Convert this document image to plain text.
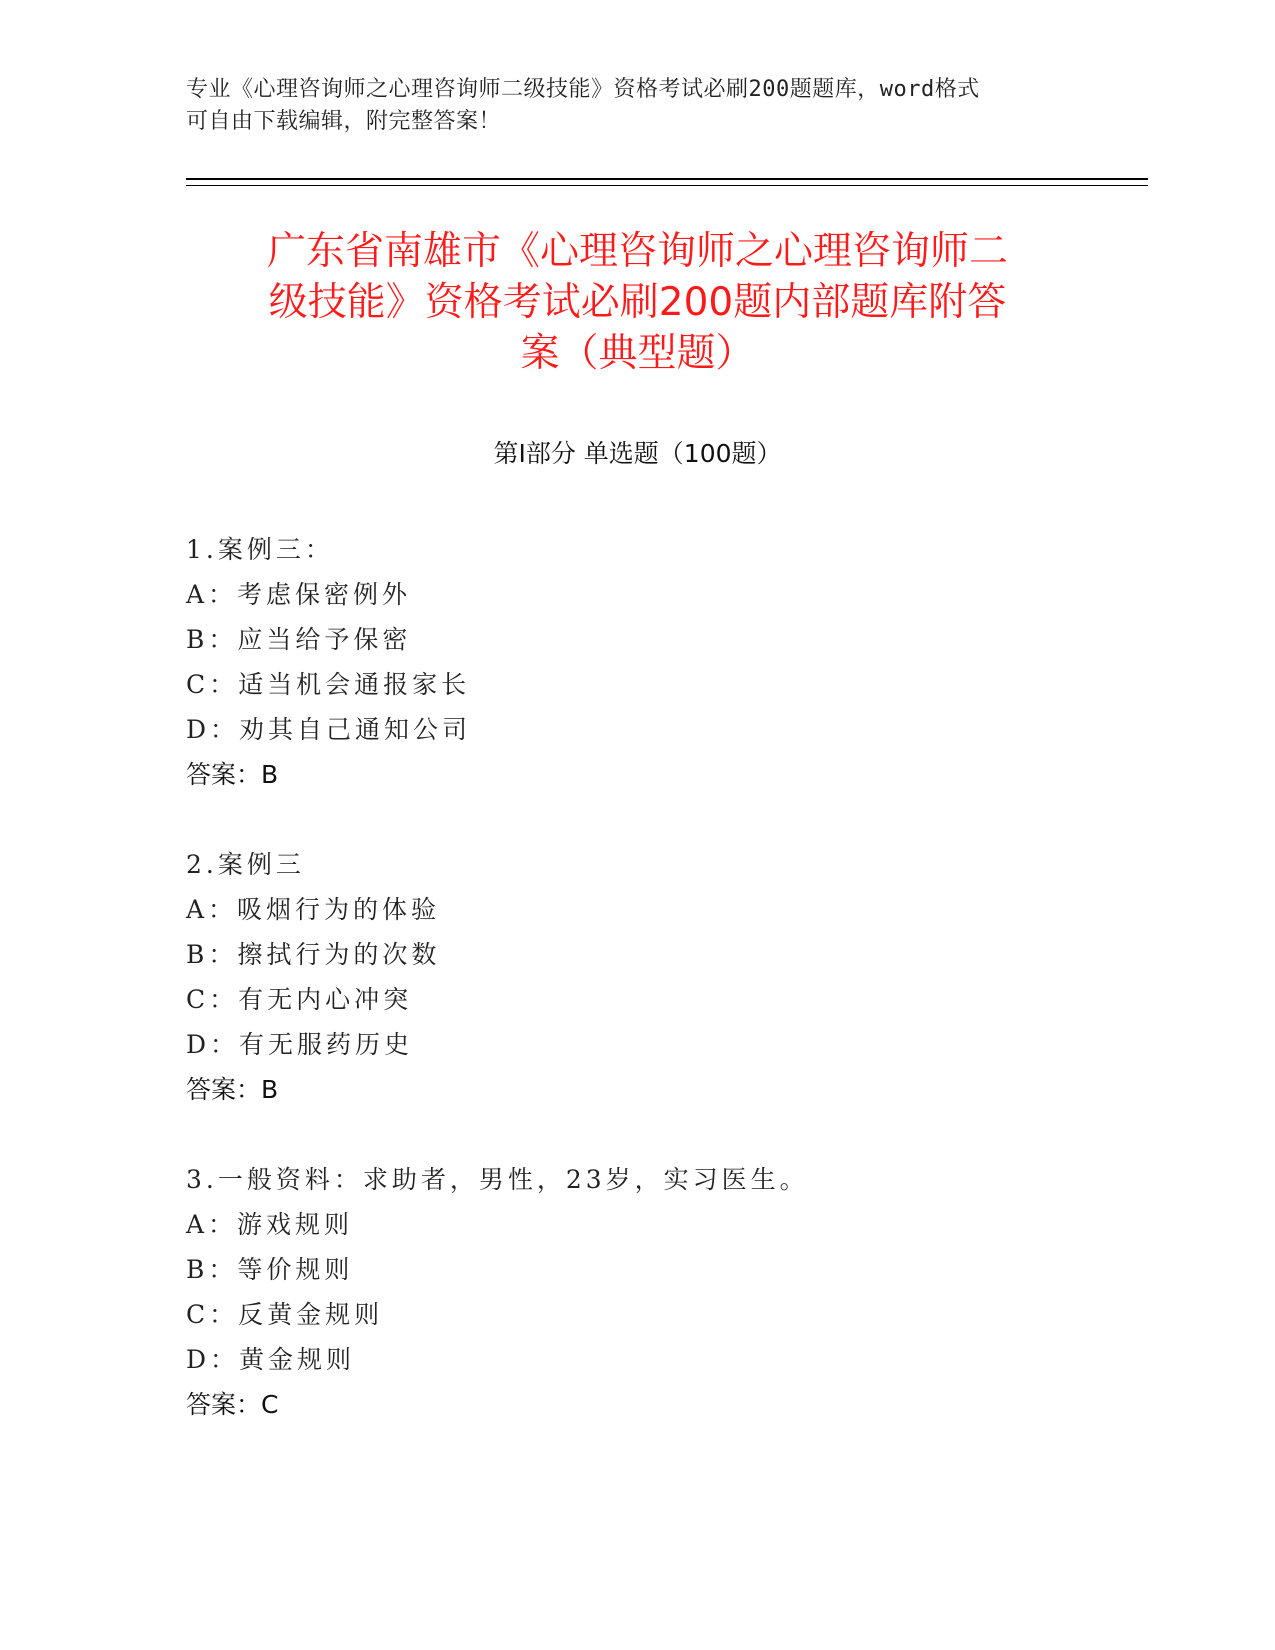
专业《心理咨询师之心理咨询师二级技能》资格考试必刷200题题库，word格式
可自由下载编辑，附完整答案！
广东省南雄市《心理咨询师之心理咨询师二
级技能》资格考试必刷200题内部题库附答
案（典型题）
第Ⅰ部分 单选题（100题）
1.案例三：
A：考虑保密例外
B：应当给予保密
C：适当机会通报家长
D：劝其自己通知公司
答案：B
2.案例三
A：吸烟行为的体验
B：擦拭行为的次数
C：有无内心冲突
D：有无服药历史
答案：B
3.一般资料：求助者，男性，23岁，实习医生。
A：游戏规则
B：等价规则
C：反黄金规则
D：黄金规则
答案：C
